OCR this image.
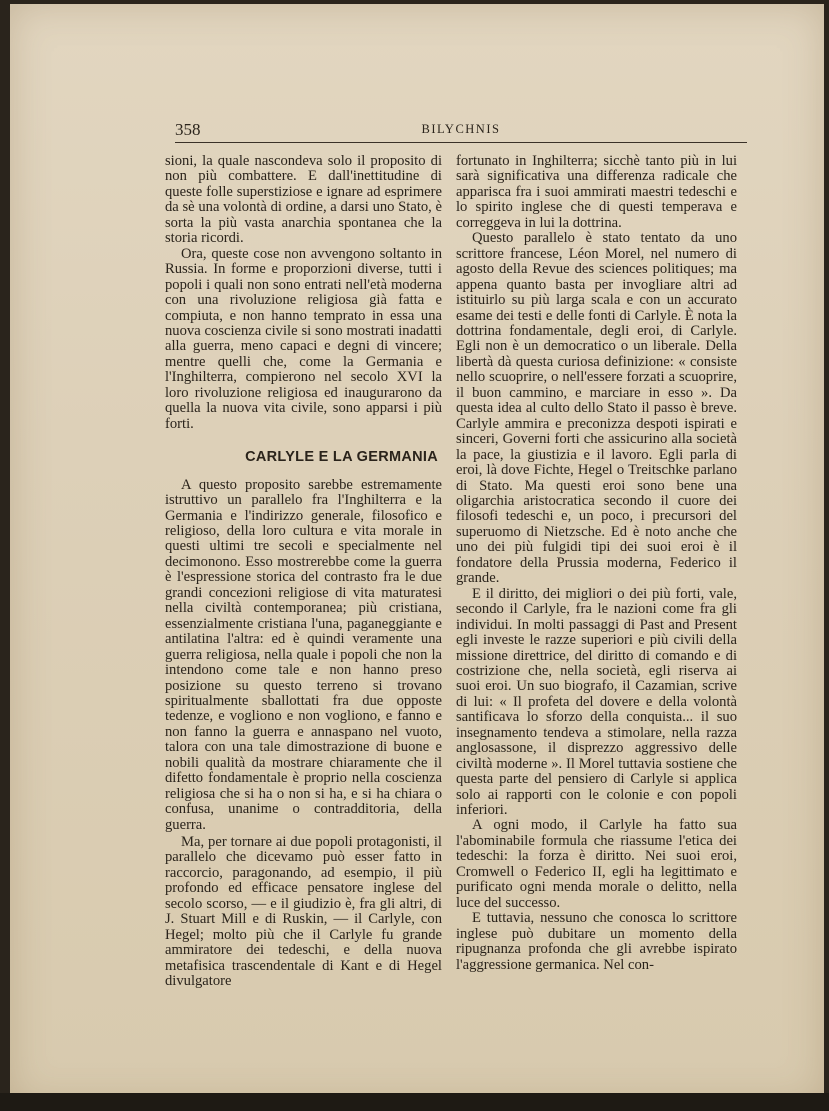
358	BILYCHNIS

sioni, la quale nascondeva solo il proposito di non più combattere. E dall'inettitudine di queste folle superstiziose e ignare ad esprimere da sè una volontà di ordine, a darsi uno Stato, è sorta la più vasta anarchia spontanea che la storia ricordi.

Ora, queste cose non avvengono soltanto in Russia. In forme e proporzioni diverse, tutti i popoli i quali non sono entrati nell'età moderna con una rivoluzione religiosa già fatta e compiuta, e non hanno temprato in essa una nuova coscienza civile si sono mostrati inadatti alla guerra, meno capaci e degni di vincere; mentre quelli che, come la Germania e l'Inghilterra, compierono nel secolo XVI la loro rivoluzione religiosa ed inaugurarono da quella la nuova vita civile, sono apparsi i più forti.

CARLYLE E LA GERMANIA

A questo proposito sarebbe estremamente istruttivo un parallelo fra l'Inghilterra e la Germania e l'indirizzo generale, filosofico e religioso, della loro cultura e vita morale in questi ultimi tre secoli e specialmente nel decimonono. Esso mostrerebbe come la guerra è l'espressione storica del contrasto fra le due grandi concezioni religiose di vita maturatesi nella civiltà contemporanea; più cristiana, essenzialmente cristiana l'una, paganeggiante e antilatina l'altra: ed è quindi veramente una guerra religiosa, nella quale i popoli che non la intendono come tale e non hanno preso posizione su questo terreno si trovano spiritualmente sballottati fra due opposte tedenze, e vogliono e non vogliono, e fanno e non fanno la guerra e annaspano nel vuoto, talora con una tale dimostrazione di buone e nobili qualità da mostrare chiaramente che il difetto fondamentale è proprio nella coscienza religiosa che si ha o non si ha, e si ha chiara o confusa, unanime o contradditoria, della guerra.

Ma, per tornare ai due popoli protagonisti, il parallelo che dicevamo può esser fatto in raccorcio, paragonando, ad esempio, il più profondo ed efficace pensatore inglese del secolo scorso, — e il giudizio è, fra gli altri, di J. Stuart Mill e di Ruskin, — il Carlyle, con Hegel; molto più che il Carlyle fu grande ammiratore dei tedeschi, e della nuova metafisica trascendentale di Kant e di Hegel divulgatore

fortunato in Inghilterra; sicchè tanto più in lui sarà significativa una differenza radicale che apparisca fra i suoi ammirati maestri tedeschi e lo spirito inglese che di questi temperava e correggeva in lui la dottrina.

Questo parallelo è stato tentato da uno scrittore francese, Léon Morel, nel numero di agosto della Revue des sciences politiques; ma appena quanto basta per invogliare altri ad istituirlo su più larga scala e con un accurato esame dei testi e delle fonti di Carlyle. È nota la dottrina fondamentale, degli eroi, di Carlyle. Egli non è un democratico o un liberale. Della libertà dà questa curiosa definizione: « consiste nello scuoprire, o nell'essere forzati a scuoprire, il buon cammino, e marciare in esso ». Da questa idea al culto dello Stato il passo è breve. Carlyle ammira e preconizza despoti ispirati e sinceri, Governi forti che assicurino alla società la pace, la giustizia e il lavoro. Egli parla di eroi, là dove Fichte, Hegel o Treitschke parlano di Stato. Ma questi eroi sono bene una oligarchia aristocratica secondo il cuore dei filosofi tedeschi e, un poco, i precursori del superuomo di Nietzsche. Ed è noto anche che uno dei più fulgidi tipi dei suoi eroi è il fondatore della Prussia moderna, Federico il grande.

E il diritto, dei migliori o dei più forti, vale, secondo il Carlyle, fra le nazioni come fra gli individui. In molti passaggi di Past and Present egli investe le razze superiori e più civili della missione direttrice, del diritto di comando e di costrizione che, nella società, egli riserva ai suoi eroi. Un suo biografo, il Cazamian, scrive di lui: « Il profeta del dovere e della volontà santificava lo sforzo della conquista... il suo insegnamento tendeva a stimolare, nella razza anglosassone, il disprezzo aggressivo delle civiltà moderne ». Il Morel tuttavia sostiene che questa parte del pensiero di Carlyle si applica solo ai rapporti con le colonie e con popoli inferiori.

A ogni modo, il Carlyle ha fatto sua l'abominabile formula che riassume l'etica dei tedeschi: la forza è diritto. Nei suoi eroi, Cromwell o Federico II, egli ha legittimato e purificato ogni menda morale o delitto, nella luce del successo.

E tuttavia, nessuno che conosca lo scrittore inglese può dubitare un momento della ripugnanza profonda che gli avrebbe ispirato l'aggressione germanica. Nel con-
